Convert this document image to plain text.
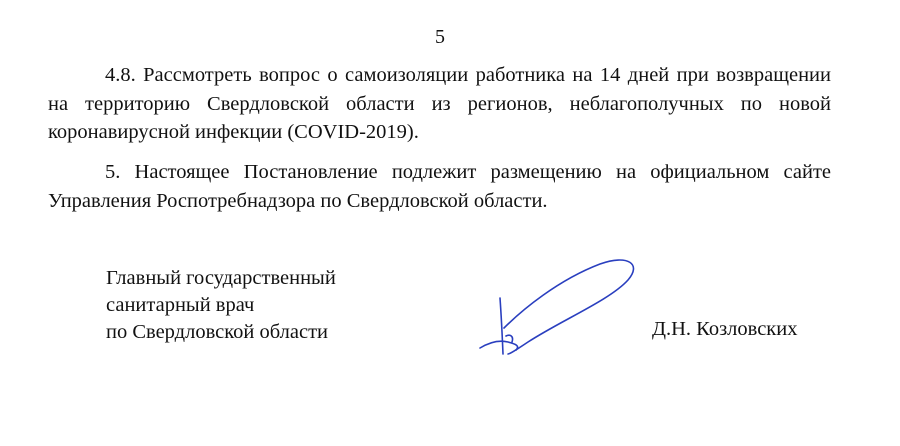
5

4.8. Рассмотреть вопрос о самоизоляции работника на 14 дней при возвращении на территорию Свердловской области из регионов, неблагополучных по новой коронавирусной инфекции (COVID-2019).

5. Настоящее Постановление подлежит размещению на официальном сайте Управления Роспотребнадзора по Свердловской области.

Главный государственный
санитарный врач
по Свердловской области	Д.Н. Козловских
